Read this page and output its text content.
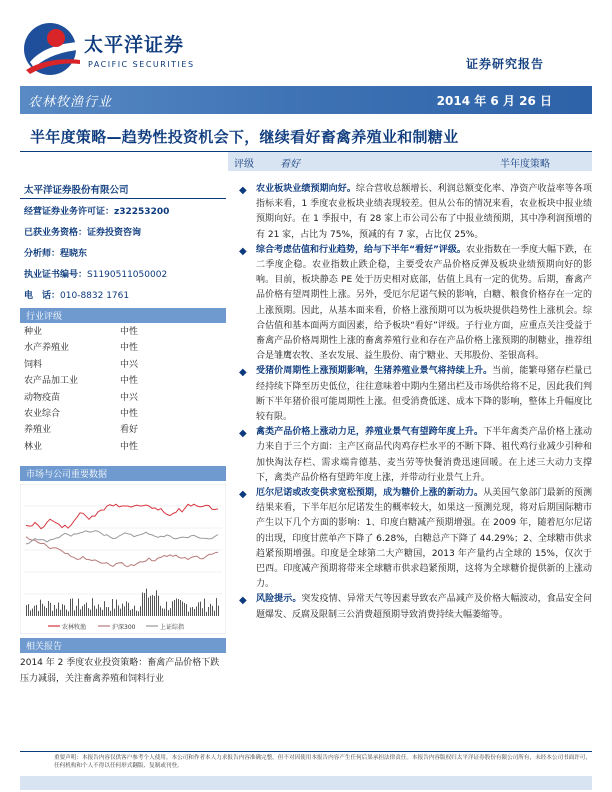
太平洋证券
PACIFIC SECURITIES	证券研究报告
农林牧渔行业	2014 年 6 月 26 日
半年度策略—趋势性投资机会下，继续看好畜禽养殖业和制糖业
评级	看好	半年度策略
太平洋证券股份有限公司
经营证券业务许可证：z32253200
已获业务资格：证券投资咨询
分析师：程晓东
执业证书编号：S1190511050002
电　话：010-8832 1761
行业评级
种业	中性
水产养殖业	中性
饲料	中兴
农产品加工业	中性
动物疫苗	中兴
农业综合	中性
养殖业	看好
林业	中性
市场与公司重要数据
农林牧渔	沪深300	上证综指
相关报告
2014 年 2 季度农业投资策略：畜禽产品价格下跌压力减弱，关注畜禽养殖和饲料行业
◆ 农业板块业绩预期向好。综合营收总额增长、利润总额变化率、净资产收益率等各项指标来看，1 季度农业板块业绩表现较差。但从公布的情况来看，农业板块中报业绩预期向好。在 1 季报中，有 28 家上市公司公布了中报业绩预期，其中净利润预增的有 21 家，占比为 75%，预减的有 7 家，占比仅 25%。
◆ 综合考虑估值和行业趋势，给与下半年“看好”评级。农业指数在一季度大幅下跌，在二季度企稳。农业指数止跌企稳，主要受农产品价格反弹及板块业绩预期向好的影响。目前，板块静态 PE 处于历史相对底部，估值上具有一定的优势。后期，畜禽产品价格有望周期性上涨。另外，受厄尔尼诺气候的影响，白糖、粮食价格存在一定的上涨预期。因此，从基本面来看，价格上涨预期可以为板块提供趋势性上涨机会。综合估值和基本面两方面因素，给予板块“看好”评级。子行业方面，应重点关注受益于畜禽产品价格周期性上涨的畜禽养殖行业和存在产品价格上涨预期的制糖业，推荐组合是雏鹰农牧、圣农发展、益生股份、南宁糖业、天邦股份、荃银高科。
◆ 受猪价周期性上涨预期影响，生猪养殖业景气将持续上升。当前，能繁母猪存栏量已经持续下降至历史低位，往往意味着中期内生猪出栏及市场供给将不足，因此我们判断下半年猪价很可能周期性上涨。但受消费低迷、成本下降的影响，整体上升幅度比较有限。
◆ 禽类产品价格上涨动力足，养殖业景气有望跨年度上升。下半年禽类产品价格上涨动力来自于三个方面：主产区商品代肉鸡存栏水平的不断下降、祖代鸡行业减少引种和加快淘汰存栏、需求端肯德基、麦当劳等快餐消费迅速回暖。在上述三大动力支撑下，禽类产品价格有望跨年度上涨，并带动行业景气上升。
◆ 厄尔尼诺或改变供求宽松预期，成为糖价上涨的新动力。从美国气象部门最新的预测结果来看，下半年厄尔尼诺发生的概率较大，如果这一预测兑现，将对后期国际糖市产生以下几个方面的影响：1、印度白糖减产预期增强。在 2009 年，随着厄尔尼诺的出现，印度甘蔗单产下降了 6.28%，白糖总产下降了 44.29%；2、全球糖市供求趋紧预期增强。印度是全球第二大产糖国，2013 年产量约占全球的 15%，仅次于巴西。印度减产预期将带来全球糖市供求趋紧预期，这将为全球糖价提供新的上涨动力。
◆ 风险提示。突发疫情、异常天气等因素导致农产品减产及价格大幅波动，食品安全问题爆发、反腐及限制三公消费超预期导致消费持续大幅萎缩等。
重要声明：本报告内容仅供客户参考个人使用。本公司和作者本人力求报告内容准确完整，但不对因使用本报告内容产生任何后果承担法律责任。本报告内容版权归太平洋证券股份有限公司所有，未经本公司书面许可，任何机构和个人不得以任何形式翻版、复制或刊登。
